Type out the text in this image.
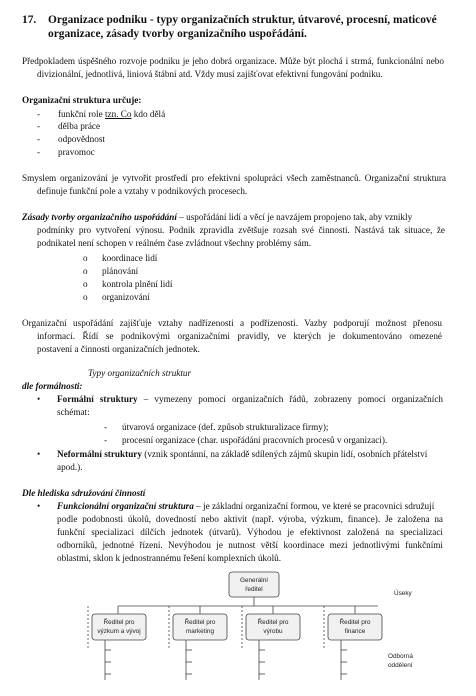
17. Organizace podniku - typy organizačních struktur, útvarové, procesní, maticové
organizace, zásady tvorby organizačního uspořádání.
Předpokladem úspěšného rozvoje podniku je jeho dobrá organizace. Může být plochá i strmá, funkcionální nebo
divizionální, jednotlivá, liniová štábní atd. Vždy musí zajišťovat efektivní fungování podniku.
Organizační struktura určuje:
- funkční role tzn. Co kdo dělá
- dělba práce
- odpovědnost
- pravomoc
Smyslem organizování je vytvořit prostředí pro efektivní spolupráci všech zaměstnanců. Organizační struktura
definuje funkční pole a vztahy v podnikových procesech.
Zásady tvorby organizačního uspořádání – uspořádání lidí a věcí je navzájem propojeno tak, aby vznikly
podmínky pro vytvoření výnosu. Podnik zpravidla zvětšuje rozsah své činnosti. Nastává tak situace, že
podnikatel není schopen v reálném čase zvládnout všechny problémy sám.
o koordinace lidí
o plánování
o kontrola plnění lidí
o organizování
Organizační uspořádání zajišťuje vztahy nadřízenosti a podřízenosti. Vazby podporují možnost přenosu
informací. Řídí se podnikovými organizačními pravidly, ve kterých je dokumentováno omezené
postavení a činnosti organizačních jednotek.
Typy organizačních struktur
dle formálnosti:
• Formální struktury – vymezeny pomocí organizačních řádů, zobrazeny pomocí organizačních
schémat:
- útvarová organizace (def. způsob strukturalizace firmy);
- procesní organizace (char. uspořádání pracovních procesů v organizaci).
• Neformální struktury (vznik spontánní, na základě sdílených zájmů skupin lidí, osobních přátelství
apod.).
Dle hlediska sdružování činností
• Funkcionální organizační struktura – je základní organizační formou, ve které se pracovníci sdružují
podle podobnosti úkolů, dovedností nebo aktivit (např. výroba, výzkum, finance). Je založena na
funkční specializaci dílčích jednotek (útvarů). Výhodou je efektivnost založená na specializaci
odborníků, jednotné řízení. Nevýhodou je nutnost větší koordinace mezi jednotlivými funkčními
oblastmi, sklon k jednostrannému řešení komplexních úkolů.
Generální
ředitel
Ředitel pro
výzkum a vývoj
Ředitel pro
marketing
Ředitel pro
výrobu
Ředitel pro
finance
Úseky
Odborná
oddělení
